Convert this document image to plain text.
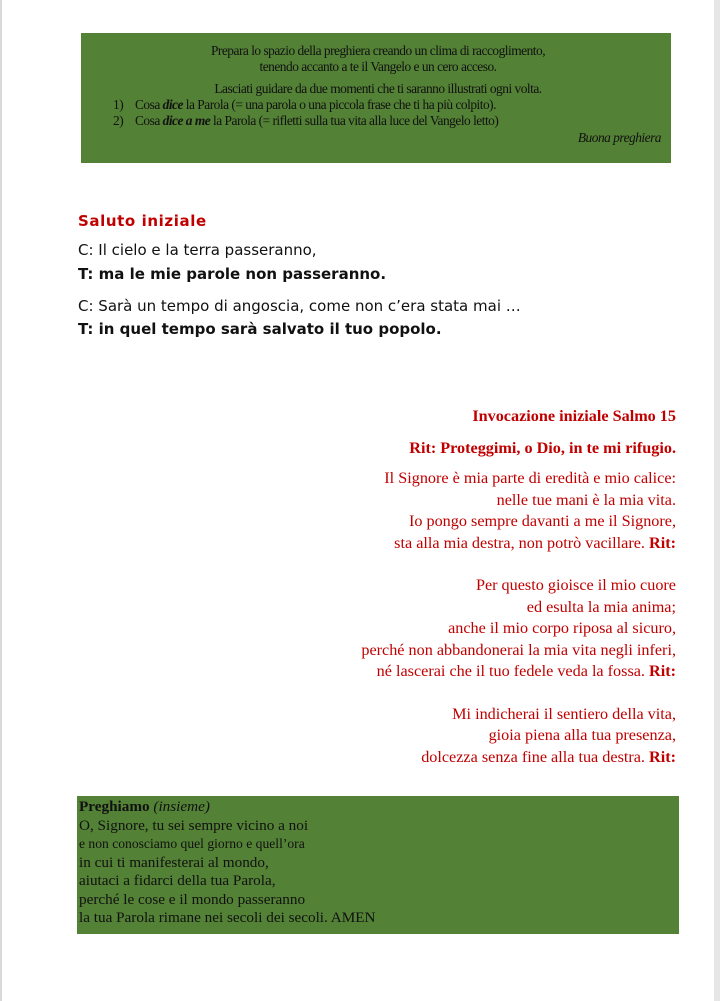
Prepara lo spazio della preghiera creando un clima di raccoglimento,
tenendo accanto a te il Vangelo e un cero acceso.
Lasciati guidare da due momenti che ti saranno illustrati ogni volta.
1) Cosa dice la Parola (= una parola o una piccola frase che ti ha più colpito).
2) Cosa dice a me la Parola (= rifletti sulla tua vita alla luce del Vangelo letto)
Buona preghiera
Saluto iniziale
C: Il cielo e la terra passeranno,
T: ma le mie parole non passeranno.
C: Sarà un tempo di angoscia, come non c’era stata mai …
T: in quel tempo sarà salvato il tuo popolo.
Invocazione iniziale Salmo 15
Rit: Proteggimi, o Dio, in te mi rifugio.
Il Signore è mia parte di eredità e mio calice:
nelle tue mani è la mia vita.
Io pongo sempre davanti a me il Signore,
sta alla mia destra, non potrò vacillare. Rit:
Per questo gioisce il mio cuore
ed esulta la mia anima;
anche il mio corpo riposa al sicuro,
perché non abbandonerai la mia vita negli inferi,
né lascerai che il tuo fedele veda la fossa. Rit:
Mi indicherai il sentiero della vita,
gioia piena alla tua presenza,
dolcezza senza fine alla tua destra. Rit:
Preghiamo (insieme)
O, Signore, tu sei sempre vicino a noi
e non conosciamo quel giorno e quell’ora
in cui ti manifesterai al mondo,
aiutaci a fidarci della tua Parola,
perché le cose e il mondo passeranno
la tua Parola rimane nei secoli dei secoli. AMEN
